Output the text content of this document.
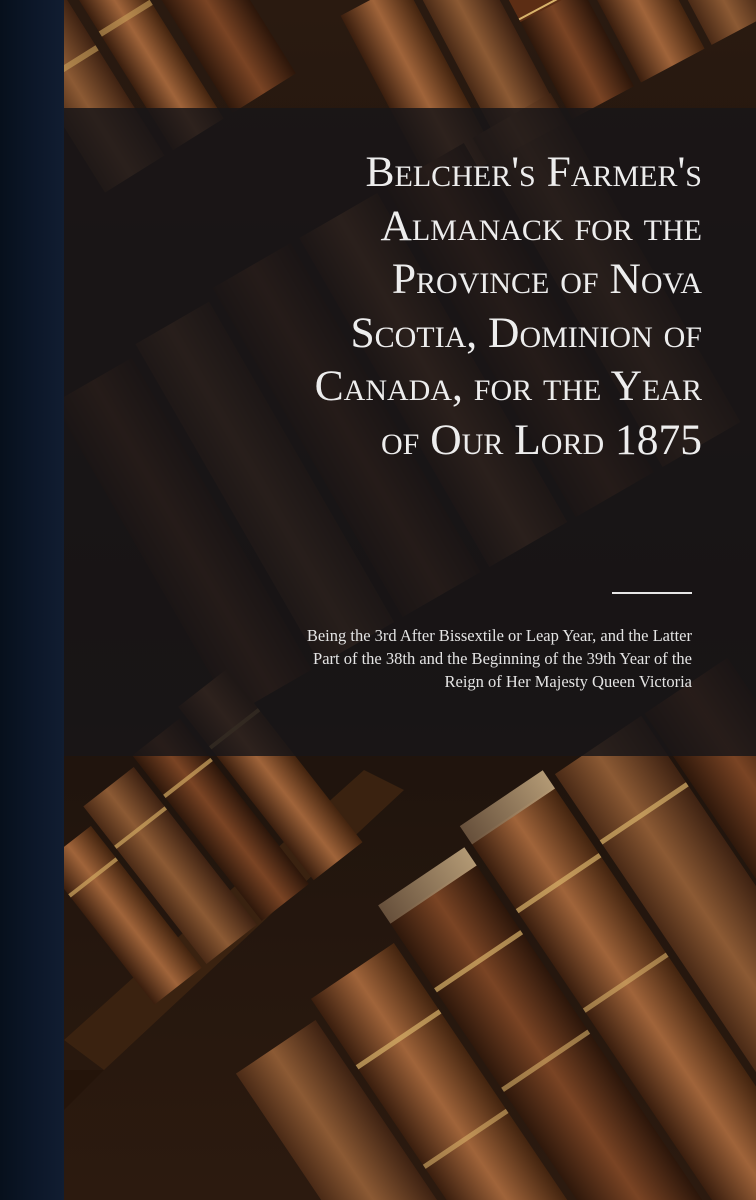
Belcher's Farmer's
Almanack for the
Province of Nova
Scotia, Dominion of
Canada, for the Year
of Our Lord 1875

Being the 3rd After Bissextile or Leap Year, and the Latter
Part of the 38th and the Beginning of the 39th Year of the
Reign of Her Majesty Queen Victoria
